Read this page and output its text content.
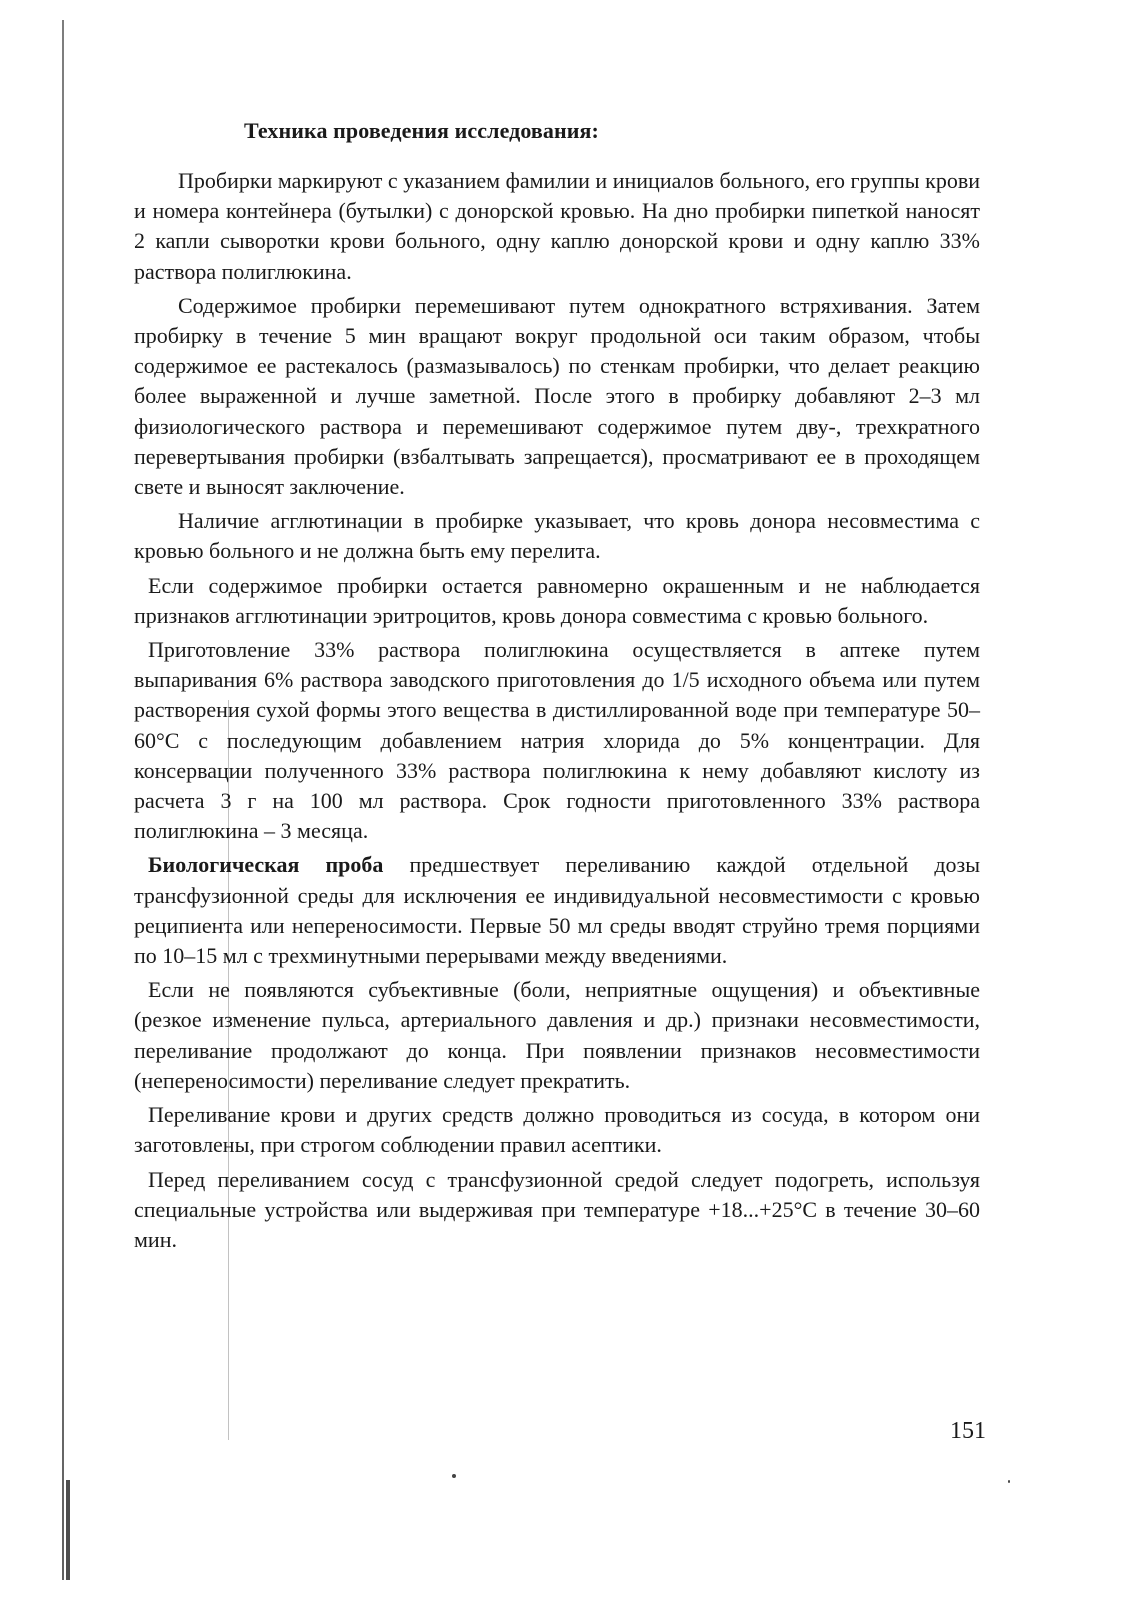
Техника проведения исследования:

Пробирки маркируют с указанием фамилии и инициалов больного, его группы крови и номера контейнера (бутылки) с донорской кровью. На дно пробирки пипеткой наносят 2 капли сыворотки крови больного, одну каплю донорской крови и одну каплю 33% раствора полиглюкина.

Содержимое пробирки перемешивают путем однократного встряхивания. Затем пробирку в течение 5 мин вращают вокруг продольной оси таким образом, чтобы содержимое ее растекалось (размазывалось) по стенкам пробирки, что делает реакцию более выраженной и лучше заметной. После этого в пробирку добавляют 2–3 мл физиологического раствора и перемешивают содержимое путем дву-, трехкратного перевертывания пробирки (взбалтывать запрещается), просматривают ее в проходящем свете и выносят заключение.

Наличие агглютинации в пробирке указывает, что кровь донора несовместима с кровью больного и не должна быть ему перелита.

Если содержимое пробирки остается равномерно окрашенным и не наблюдается признаков агглютинации эритроцитов, кровь донора совместима с кровью больного.

Приготовление 33% раствора полиглюкина осуществляется в аптеке путем выпаривания 6% раствора заводского приготовления до 1/5 исходного объема или путем растворения сухой формы этого вещества в дистиллированной воде при температуре 50–60°С с последующим добавлением натрия хлорида до 5% концентрации. Для консервации полученного 33% раствора полиглюкина к нему добавляют кислоту из расчета 3 г на 100 мл раствора. Срок годности приготовленного 33% раствора полиглюкина – 3 месяца.

Биологическая проба предшествует переливанию каждой отдельной дозы трансфузионной среды для исключения ее индивидуальной несовместимости с кровью реципиента или непереносимости. Первые 50 мл среды вводят струйно тремя порциями по 10–15 мл с трехминутными перерывами между введениями.

Если не появляются субъективные (боли, неприятные ощущения) и объективные (резкое изменение пульса, артериального давления и др.) признаки несовместимости, переливание продолжают до конца. При появлении признаков несовместимости (непереносимости) переливание следует прекратить.

Переливание крови и других средств должно проводиться из сосуда, в котором они заготовлены, при строгом соблюдении правил асептики.

Перед переливанием сосуд с трансфузионной средой следует подогреть, используя специальные устройства или выдерживая при температуре +18...+25°С в течение 30–60 мин.

151
